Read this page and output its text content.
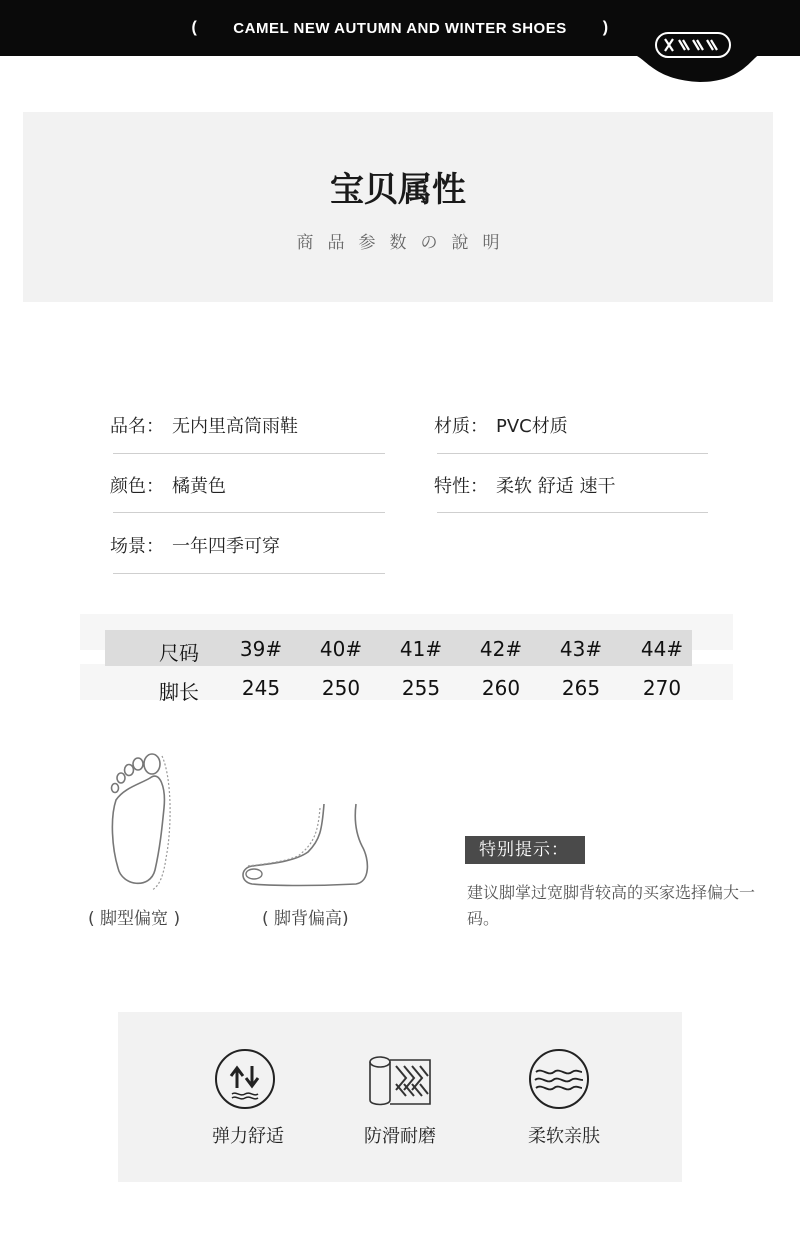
( CAMEL NEW AUTUMN AND WINTER SHOES )
宝贝属性
商品参数の說明
品名： 无内里高筒雨鞋	材质： PVC材质
颜色： 橘黄色	特性： 柔软 舒适 速干
场景： 一年四季可穿
尺码	39#	40#	41#	42#	43#	44#
脚长	245	250	255	260	265	270
( 脚型偏宽 )	( 脚背偏高)
特别提示：
建议脚掌过宽脚背较高的买家选择偏大一码。
弹力舒适	防滑耐磨	柔软亲肤
